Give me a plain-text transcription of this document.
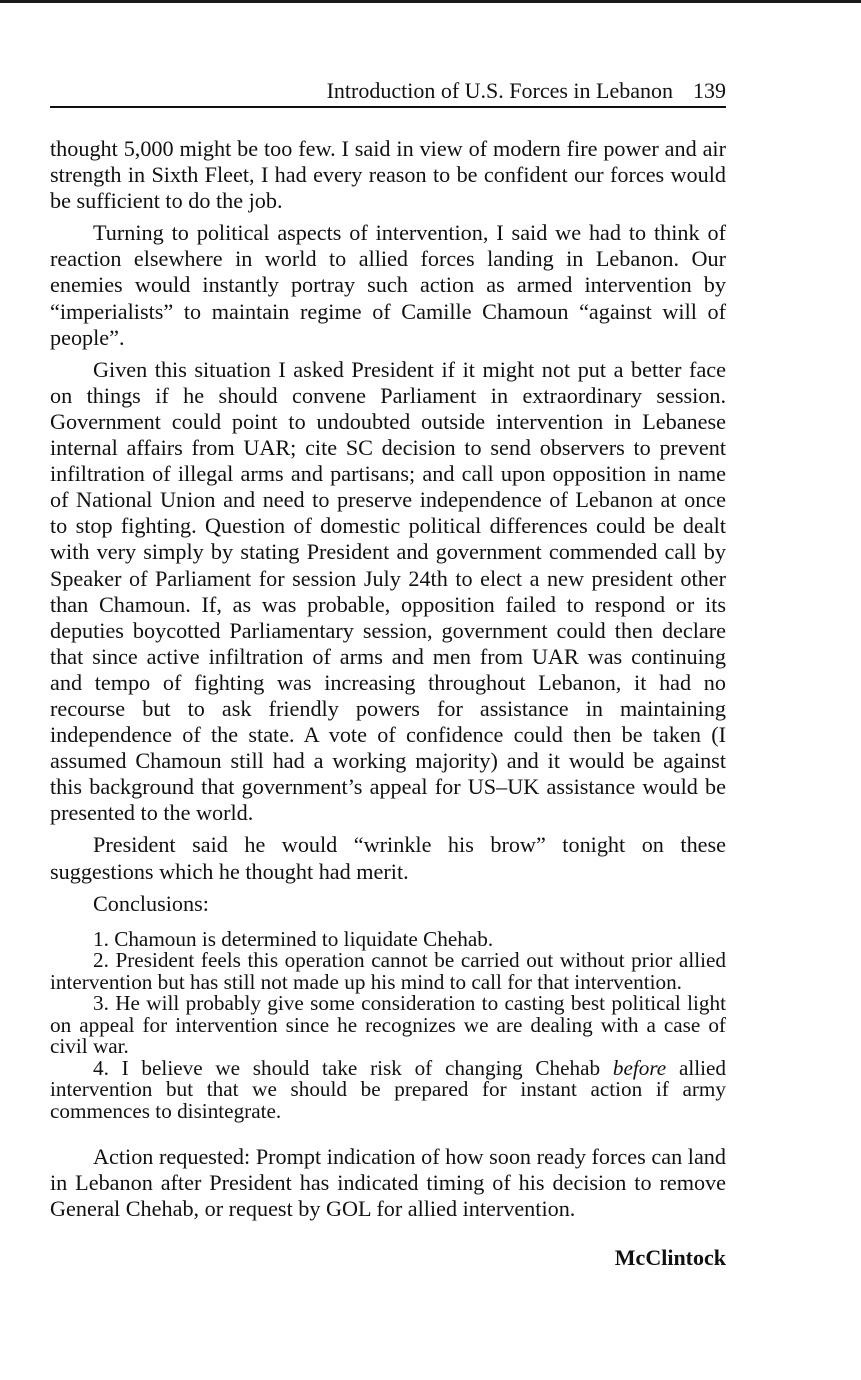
Introduction of U.S. Forces in Lebanon 139

thought 5,000 might be too few. I said in view of modern fire power and air strength in Sixth Fleet, I had every reason to be confident our forces would be sufficient to do the job.

Turning to political aspects of intervention, I said we had to think of reaction elsewhere in world to allied forces landing in Lebanon. Our enemies would instantly portray such action as armed intervention by “imperialists” to maintain regime of Camille Chamoun “against will of people”.

Given this situation I asked President if it might not put a better face on things if he should convene Parliament in extraordinary session. Government could point to undoubted outside intervention in Lebanese internal affairs from UAR; cite SC decision to send observers to prevent infiltration of illegal arms and partisans; and call upon opposition in name of National Union and need to preserve independence of Lebanon at once to stop fighting. Question of domestic political differences could be dealt with very simply by stating President and government commended call by Speaker of Parliament for session July 24th to elect a new president other than Chamoun. If, as was probable, opposition failed to respond or its deputies boycotted Parliamentary session, government could then declare that since active infiltration of arms and men from UAR was continuing and tempo of fighting was increasing throughout Lebanon, it had no recourse but to ask friendly powers for assistance in maintaining independence of the state. A vote of confidence could then be taken (I assumed Chamoun still had a working majority) and it would be against this background that government’s appeal for US–UK assistance would be presented to the world.

President said he would “wrinkle his brow” tonight on these suggestions which he thought had merit.

Conclusions:

1. Chamoun is determined to liquidate Chehab.

2. President feels this operation cannot be carried out without prior allied intervention but has still not made up his mind to call for that intervention.

3. He will probably give some consideration to casting best political light on appeal for intervention since he recognizes we are dealing with a case of civil war.

4. I believe we should take risk of changing Chehab before allied intervention but that we should be prepared for instant action if army commences to disintegrate.

Action requested: Prompt indication of how soon ready forces can land in Lebanon after President has indicated timing of his decision to remove General Chehab, or request by GOL for allied intervention.

McClintock
